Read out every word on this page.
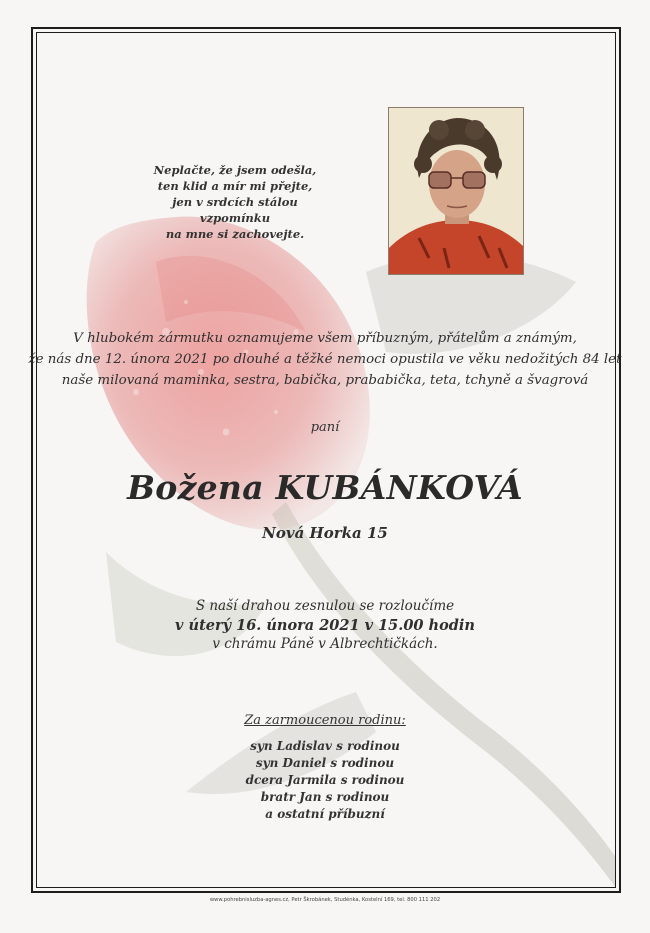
Neplačte, že jsem odešla,
ten klid a mír mi přejte,
jen v srdcích stálou vzpomínku
na mne si zachovejte.
V hlubokém zármutku oznamujeme všem příbuzným, přátelům a známým,
že nás dne 12. února 2021 po dlouhé a těžké nemoci opustila ve věku nedožitých 84 let
naše milovaná maminka, sestra, babička, prababička, teta, tchyně a švagrová
paní
Božena KUBÁNKOVÁ
Nová Horka 15
S naší drahou zesnulou se rozloučíme
v úterý 16. února 2021 v 15.00 hodin
v chrámu Páně v Albrechtičkách.
Za zarmoucenou rodinu:
syn Ladislav s rodinou
syn Daniel s rodinou
dcera Jarmila s rodinou
bratr Jan s rodinou
a ostatní příbuzní
www.pohrebnisluzba-agnes.cz, Petr Škrobánek, Studénka, Kostelní 169, tel. 800 111 202
